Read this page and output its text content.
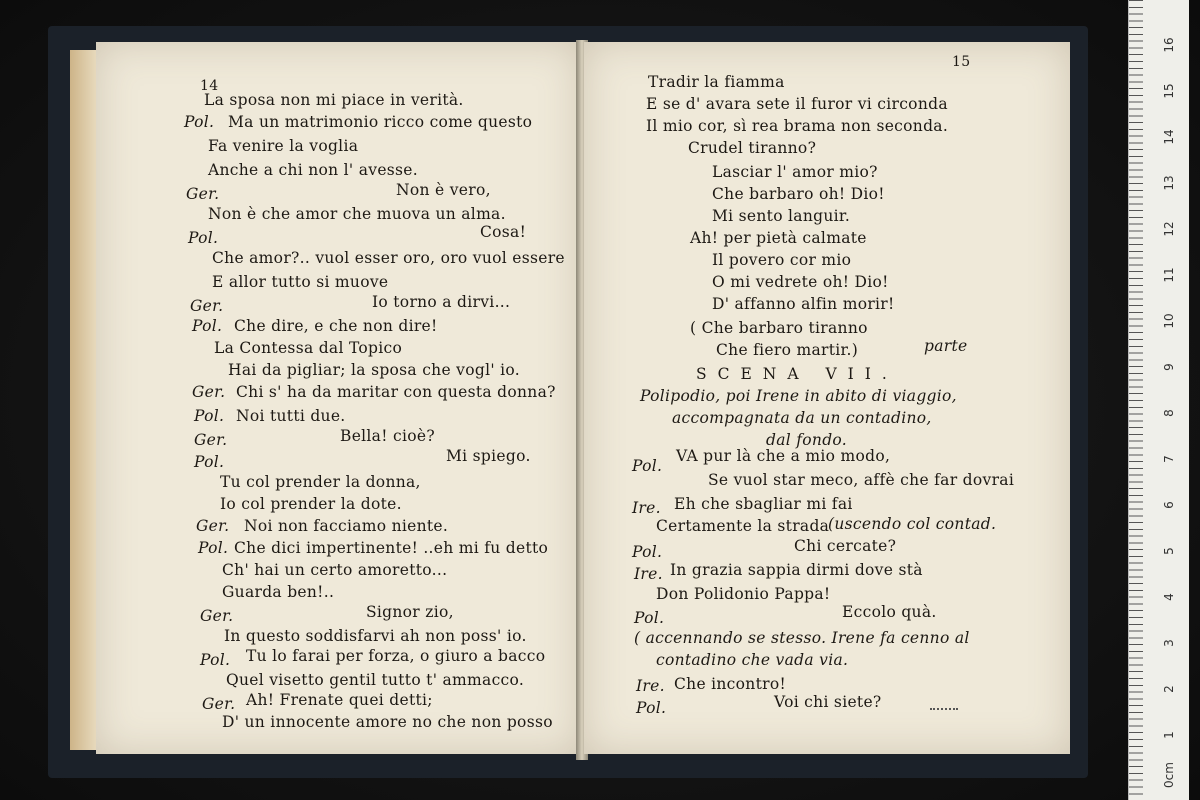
14
La sposa non mi piace in verità.
Pol. Ma un matrimonio ricco come questo
Fa venire la voglia
Anche a chi non l' avesse.
Ger.	Non è vero,
Non è che amor che muova un alma.
Pol.	Cosa!
Che amor?.. vuol esser oro, oro vuol essere
E allor tutto si muove
Ger.	Io torno a dirvi...
Pol. Che dire, e che non dire!
La Contessa dal Topico
Hai da pigliar; la sposa che vogl' io.
Ger. Chi s' ha da maritar con questa donna?
Pol. Noi tutti due.
Ger.	Bella! cioè?
Pol.	Mi spiego.
Tu col prender la donna,
Io col prender la dote.
Ger. Noi non facciamo niente.
Pol. Che dici impertinente! ..eh mi fu detto
Ch' hai un certo amoretto...
Guarda ben!..
Ger.	Signor zio,
In questo soddisfarvi ah non poss' io.
Pol. Tu lo farai per forza, o giuro a bacco
Quel visetto gentil tutto t' ammacco.
Ger. Ah! Frenate quei detti;
D' un innocente amore no che non posso
15
Tradir la fiamma
E se d' avara sete il furor vi circonda
Il mio cor, sì rea brama non seconda.
Crudel tiranno?
Lasciar l' amor mio?
Che barbaro oh! Dio!
Mi sento languir.
Ah! per pietà calmate
Il povero cor mio
O mi vedrete oh! Dio!
D' affanno alfin morir!
( Che barbaro tiranno
Che fiero martir.)	parte
SCENA VII.
Polipodio, poi Irene in abito di viaggio,
accompagnata da un contadino,
dal fondo.
Pol.
VA pur là che a mio modo,
Se vuol star meco, affè che far dovrai
Ire. Eh che sbagliar mi fai
Certamente la strada
(uscendo col contad.
Pol.	Chi cercate?
Ire. In grazia sappia dirmi dove stà
Don Polidonio Pappa!
Pol.	Eccolo quà.
( accennando se stesso. Irene fa cenno al
contadino che vada via.
Ire. Che incontro!
Pol.	Voi chi siete?
0cm
1
2
3
4
5
6
7
8
9
10
11
12
13
14
15
16
